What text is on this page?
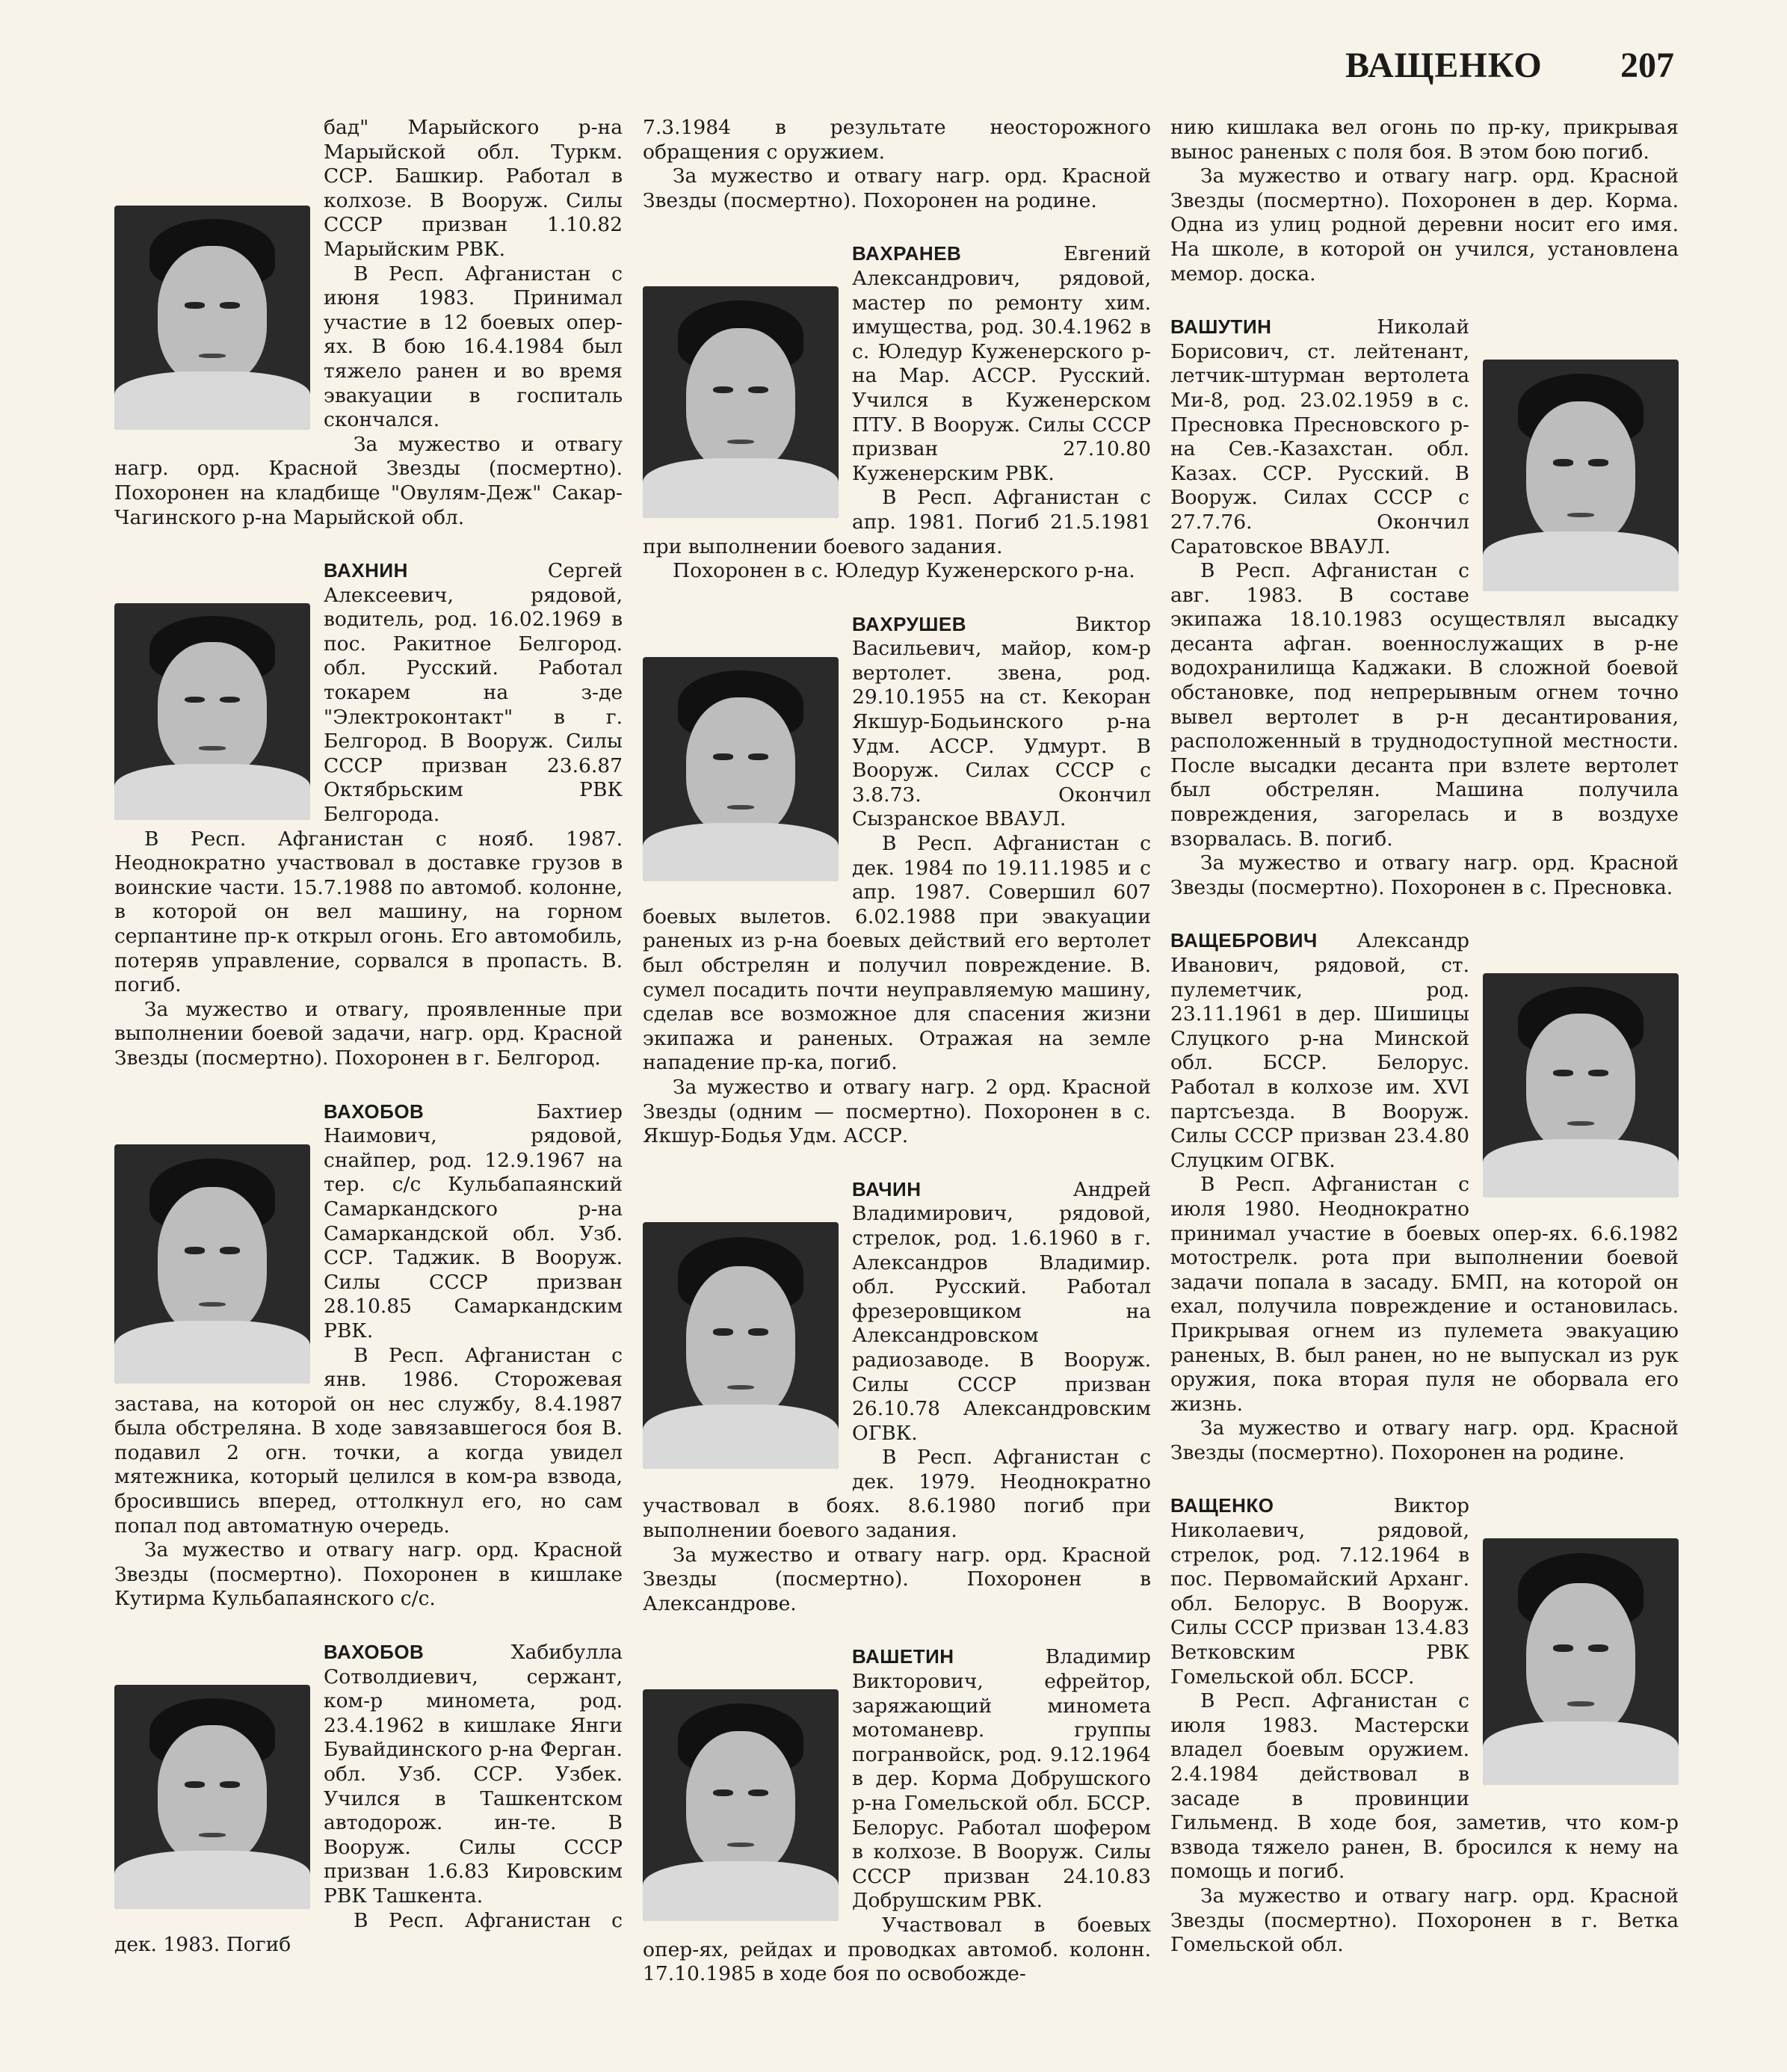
ВАЩЕНКО 207

бад" Марыйского р-на Марыйской обл. Туркм. ССР. Башкир. Работал в колхозе. В Вооруж. Силы СССР призван 1.10.82 Марыйским РВК.

В Респ. Афганистан с июня 1983. Принимал участие в 12 боевых опер-ях. В бою 16.4.1984 был тяжело ранен и во время эвакуации в госпиталь скончался.

За мужество и отвагу нагр. орд. Красной Звезды (посмертно). Похоронен на кладбище "Овулям-Деж" Сакар-Чагинского р-на Марыйской обл.

ВАХНИН Сергей Алексеевич, рядовой, водитель, род. 16.02.1969 в пос. Ракитное Белгород. обл. Русский. Работал токарем на з-де "Электроконтакт" в г. Белгород. В Вооруж. Силы СССР призван 23.6.87 Октябрьским РВК Белгорода.

В Респ. Афганистан с нояб. 1987. Неоднократно участвовал в доставке грузов в воинские части. 15.7.1988 по автомоб. колонне, в которой он вел машину, на горном серпантине пр-к открыл огонь. Его автомобиль, потеряв управление, сорвался в пропасть. В. погиб.

За мужество и отвагу, проявленные при выполнении боевой задачи, нагр. орд. Красной Звезды (посмертно). Похоронен в г. Белгород.

ВАХОБОВ Бахтиер Наимович, рядовой, снайпер, род. 12.9.1967 на тер. с/с Кульбапаянский Самаркандского р-на Самаркандской обл. Узб. ССР. Таджик. В Вооруж. Силы СССР призван 28.10.85 Самаркандским РВК.

В Респ. Афганистан с янв. 1986. Сторожевая застава, на которой он нес службу, 8.4.1987 была обстреляна. В ходе завязавшегося боя В. подавил 2 огн. точки, а когда увидел мятежника, который целился в ком-ра взвода, бросившись вперед, оттолкнул его, но сам попал под автоматную очередь.

За мужество и отвагу нагр. орд. Красной Звезды (посмертно). Похоронен в кишлаке Кутирма Кульбапаянского с/с.

ВАХОБОВ Хабибулла Сотволдиевич, сержант, ком-р миномета, род. 23.4.1962 в кишлаке Янги Бувайдинского р-на Ферган. обл. Узб. ССР. Узбек. Учился в Ташкентском автодорож. ин-те. В Вооруж. Силы СССР призван 1.6.83 Кировским РВК Ташкента.

В Респ. Афганистан с дек. 1983. Погиб

7.3.1984 в результате неосторожного обращения с оружием.

За мужество и отвагу нагр. орд. Красной Звезды (посмертно). Похоронен на родине.

ВАХРАНЕВ Евгений Александрович, рядовой, мастер по ремонту хим. имущества, род. 30.4.1962 в с. Юледур Куженерского р-на Мар. АССР. Русский. Учился в Куженерском ПТУ. В Вооруж. Силы СССР призван 27.10.80 Куженерским РВК.

В Респ. Афганистан с апр. 1981. Погиб 21.5.1981 при выполнении боевого задания.

Похоронен в с. Юледур Куженерского р-на.

ВАХРУШЕВ Виктор Васильевич, майор, ком-р вертолет. звена, род. 29.10.1955 на ст. Кекоран Якшур-Бодьинского р-на Удм. АССР. Удмурт. В Вооруж. Силах СССР с 3.8.73. Окончил Сызранское ВВАУЛ.

В Респ. Афганистан с дек. 1984 по 19.11.1985 и с апр. 1987. Совершил 607 боевых вылетов. 6.02.1988 при эвакуации раненых из р-на боевых действий его вертолет был обстрелян и получил повреждение. В. сумел посадить почти неуправляемую машину, сделав все возможное для спасения жизни экипажа и раненых. Отражая на земле нападение пр-ка, погиб.

За мужество и отвагу нагр. 2 орд. Красной Звезды (одним — посмертно). Похоронен в с. Якшур-Бодья Удм. АССР.

ВАЧИН Андрей Владимирович, рядовой, стрелок, род. 1.6.1960 в г. Александров Владимир. обл. Русский. Работал фрезеровщиком на Александровском радиозаводе. В Вооруж. Силы СССР призван 26.10.78 Александровским ОГВК.

В Респ. Афганистан с дек. 1979. Неоднократно участвовал в боях. 8.6.1980 погиб при выполнении боевого задания.

За мужество и отвагу нагр. орд. Красной Звезды (посмертно). Похоронен в Александрове.

ВАШЕТИН Владимир Викторович, ефрейтор, заряжающий миномета мотоманевр. группы погранвойск, род. 9.12.1964 в дер. Корма Добрушского р-на Гомельской обл. БССР. Белорус. Работал шофером в колхозе. В Вооруж. Силы СССР призван 24.10.83 Добрушским РВК.

Участвовал в боевых опер-ях, рейдах и проводках автомоб. колонн. 17.10.1985 в ходе боя по освобожде-

нию кишлака вел огонь по пр-ку, прикрывая вынос раненых с поля боя. В этом бою погиб.

За мужество и отвагу нагр. орд. Красной Звезды (посмертно). Похоронен в дер. Корма. Одна из улиц родной деревни носит его имя. На школе, в которой он учился, установлена мемор. доска.

ВАШУТИН Николай Борисович, ст. лейтенант, летчик-штурман вертолета Ми-8, род. 23.02.1959 в с. Пресновка Пресновского р-на Сев.-Казахстан. обл. Казах. ССР. Русский. В Вооруж. Силах СССР с 27.7.76. Окончил Саратовское ВВАУЛ.

В Респ. Афганистан с авг. 1983. В составе экипажа 18.10.1983 осуществлял высадку десанта афган. военнослужащих в р-не водохранилища Каджаки. В сложной боевой обстановке, под непрерывным огнем точно вывел вертолет в р-н десантирования, расположенный в труднодоступной местности. После высадки десанта при взлете вертолет был обстрелян. Машина получила повреждения, загорелась и в воздухе взорвалась. В. погиб.

За мужество и отвагу нагр. орд. Красной Звезды (посмертно). Похоронен в с. Пресновка.

ВАЩЕБРОВИЧ Александр Иванович, рядовой, ст. пулеметчик, род. 23.11.1961 в дер. Шишицы Слуцкого р-на Минской обл. БССР. Белорус. Работал в колхозе им. XVI партсъезда. В Вооруж. Силы СССР призван 23.4.80 Слуцким ОГВК.

В Респ. Афганистан с июля 1980. Неоднократно принимал участие в боевых опер-ях. 6.6.1982 мотострелк. рота при выполнении боевой задачи попала в засаду. БМП, на которой он ехал, получила повреждение и остановилась. Прикрывая огнем из пулемета эвакуацию раненых, В. был ранен, но не выпускал из рук оружия, пока вторая пуля не оборвала его жизнь.

За мужество и отвагу нагр. орд. Красной Звезды (посмертно). Похоронен на родине.

ВАЩЕНКО Виктор Николаевич, рядовой, стрелок, род. 7.12.1964 в пос. Первомайский Арханг. обл. Белорус. В Вооруж. Силы СССР призван 13.4.83 Ветковским РВК Гомельской обл. БССР.

В Респ. Афганистан с июля 1983. Мастерски владел боевым оружием. 2.4.1984 действовал в засаде в провинции Гильменд. В ходе боя, заметив, что ком-р взвода тяжело ранен, В. бросился к нему на помощь и погиб.

За мужество и отвагу нагр. орд. Красной Звезды (посмертно). Похоронен в г. Ветка Гомельской обл.
